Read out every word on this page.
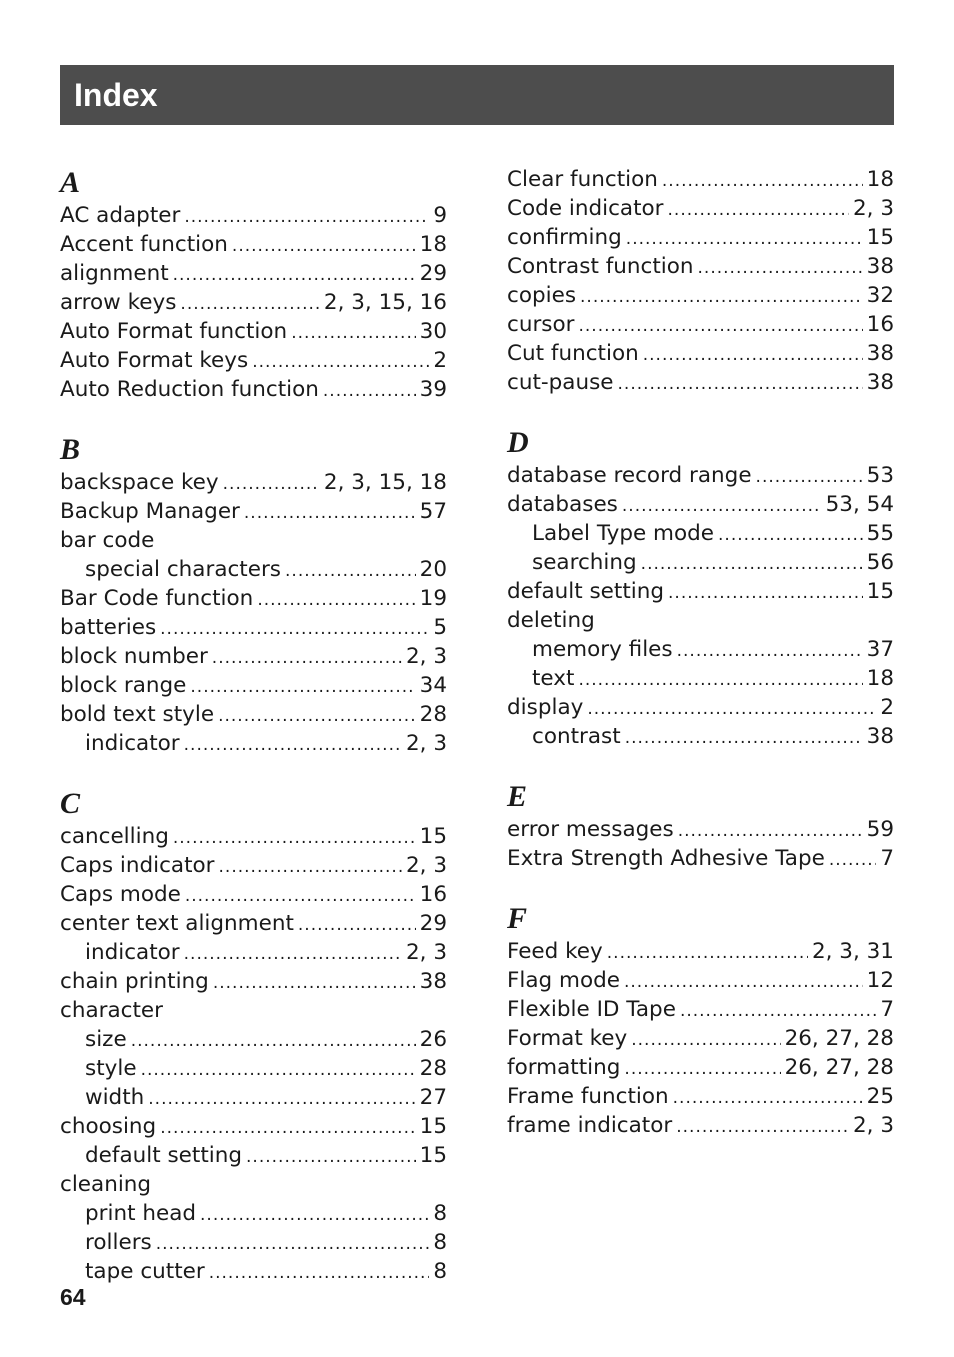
Index
A
AC adapter .....	9
Accent function .....	18
alignment .....	29
arrow keys .....	2, 3, 15, 16
Auto Format function .....	30
Auto Format keys .....	2
Auto Reduction function .....	39
B
backspace key .....	2, 3, 15, 18
Backup Manager .....	57
bar code
special characters .....	20
Bar Code function .....	19
batteries .....	5
block number .....	2, 3
block range .....	34
bold text style .....	28
indicator .....	2, 3
C
cancelling .....	15
Caps indicator .....	2, 3
Caps mode .....	16
center text alignment .....	29
indicator .....	2, 3
chain printing .....	38
character
size .....	26
style .....	28
width .....	27
choosing .....	15
default setting .....	15
cleaning
print head .....	8
rollers .....	8
tape cutter .....	8
Clear function .....	18
Code indicator .....	2, 3
confirming .....	15
Contrast function .....	38
copies .....	32
cursor .....	16
Cut function .....	38
cut-pause .....	38
D
database record range .....	53
databases .....	53, 54
Label Type mode .....	55
searching .....	56
default setting .....	15
deleting
memory files .....	37
text .....	18
display .....	2
contrast .....	38
E
error messages .....	59
Extra Strength Adhesive Tape .....	7
F
Feed key .....	2, 3, 31
Flag mode .....	12
Flexible ID Tape .....	7
Format key .....	26, 27, 28
formatting .....	26, 27, 28
Frame function .....	25
frame indicator .....	2, 3
64
